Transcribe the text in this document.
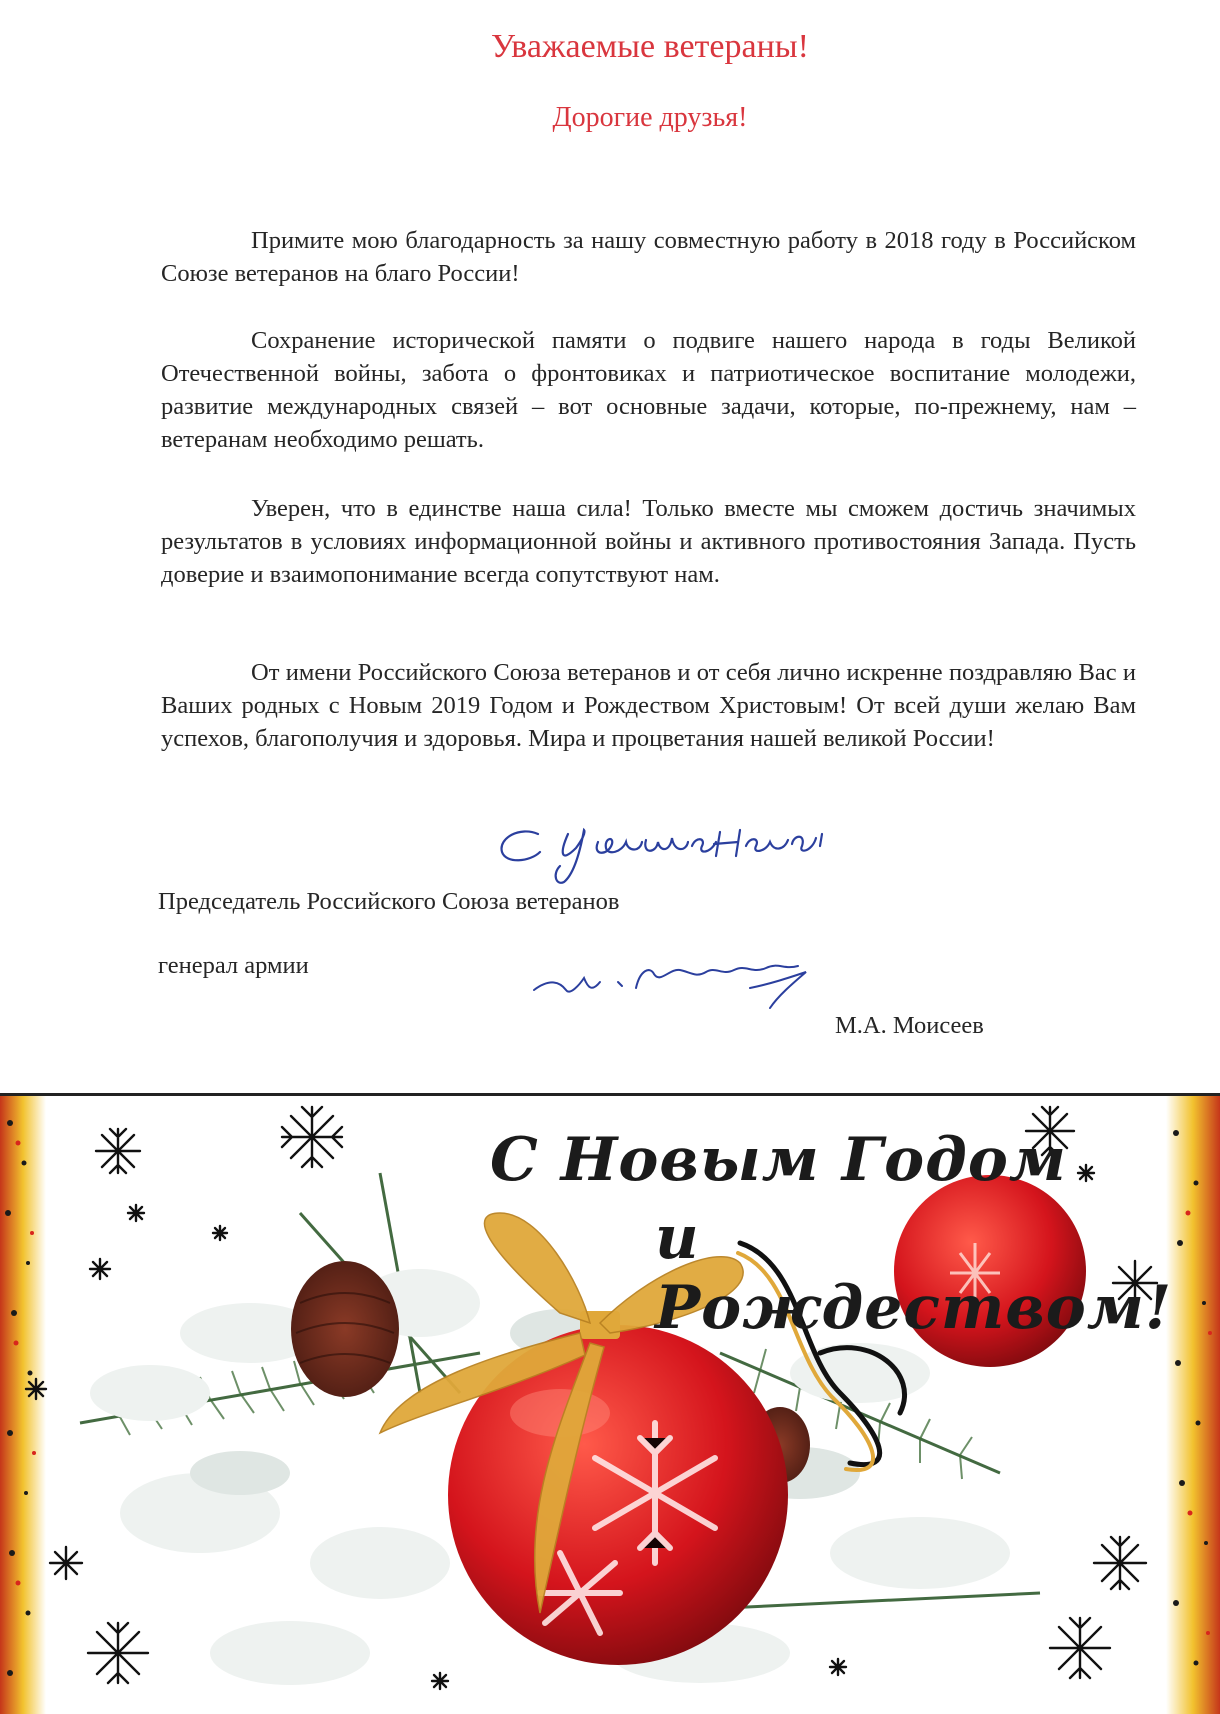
Уважаемые ветераны!
Дорогие друзья!

Примите мою благодарность за нашу совместную работу в 2018 году в Российском Союзе ветеранов на благо России!

Сохранение исторической памяти о подвиге нашего народа в годы Великой Отечественной войны, забота о фронтовиках и патриотическое воспитание молодежи, развитие международных связей – вот основные задачи, которые, по-прежнему, нам – ветеранам необходимо решать.

Уверен, что в единстве наша сила! Только вместе мы сможем достичь значимых результатов в условиях информационной войны и активного противостояния Запада. Пусть доверие и взаимопонимание всегда сопутствуют нам.

От имени Российского Союза ветеранов и от себя лично искренне поздравляю Вас и Ваших родных с Новым 2019 Годом и Рождеством Христовым! От всей души желаю Вам успехов, благополучия и здоровья. Мира и процветания нашей великой России!

Председатель Российского Союза ветеранов
генерал армии
М.А. Моисеев
С Новым Годом
и Рождеством!
